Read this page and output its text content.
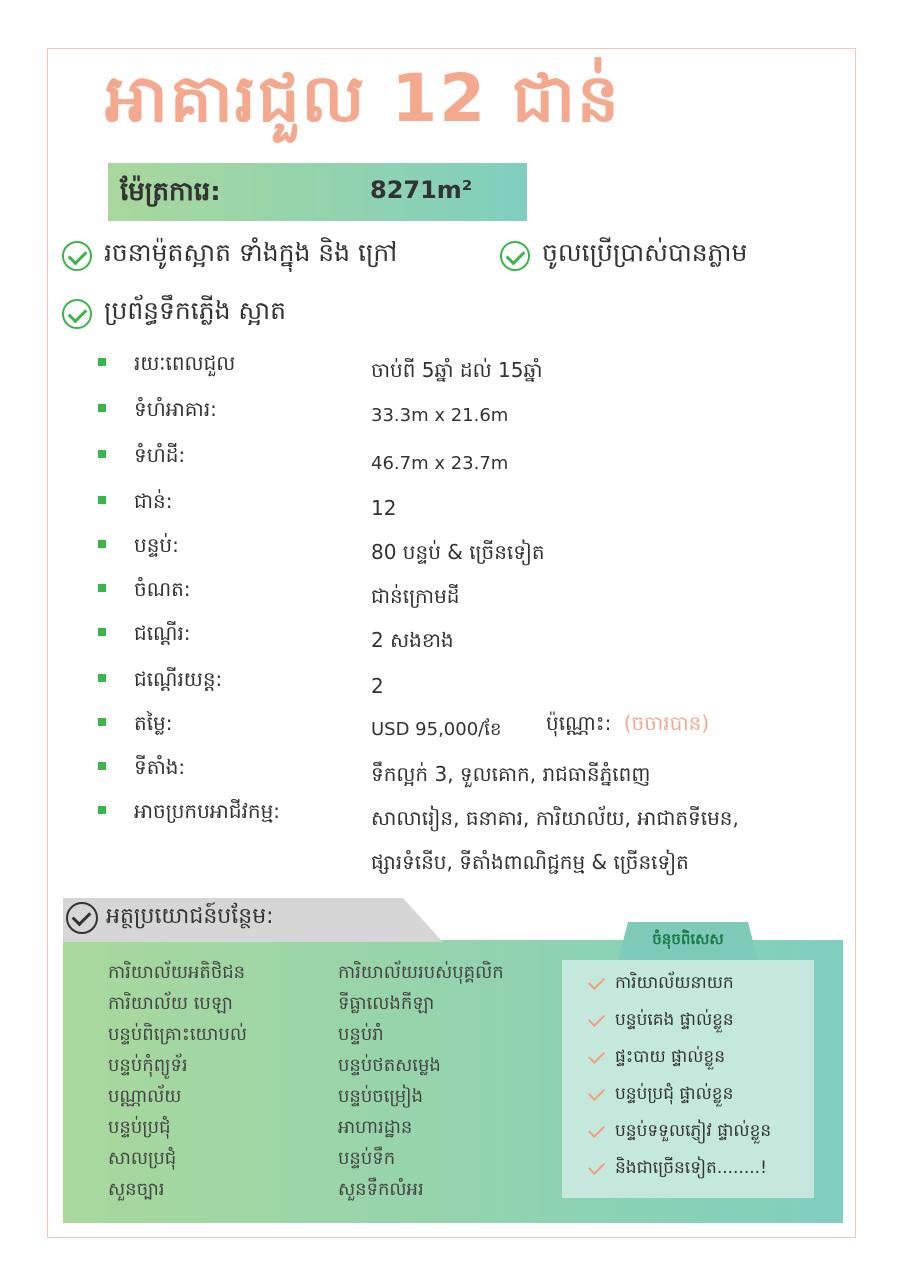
អាគារជួល 12 ជាន់
ម៉ែត្រការេ:	8271m²
រចនាម៉ូតស្អាត ទាំងក្នុង និង ក្រៅ	ចូលប្រើប្រាស់បានភ្លាម
ប្រព័ន្ធទឹកភ្លើង ស្អាត
រយៈពេលជួល	ចាប់ពី 5ឆ្នាំ ដល់ 15ឆ្នាំ
ទំហំអាគារ:	33.3m x 21.6m
ទំហំដី:	46.7m x 23.7m
ជាន់:	12
បន្ទប់:	80 បន្ទប់ & ច្រើនទៀត
ចំណត:	ជាន់ក្រោមដី
ជណ្តើរ:	2 សងខាង
ជណ្តើរយន្ត:	2
តម្លៃ:	USD 95,000/ខែ ប៉ុណ្ណោះ: (ចចារបាន)
ទីតាំង:	ទឹកល្អក់ 3, ទួលគោក, រាជធានីភ្នំពេញ
អាចប្រកបអាជីវកម្ម:	សាលារៀន, ធនាគារ, ការិយាល័យ, អាជាតទីមេន,
ផ្សារទំនើប, ទីតាំងពាណិជ្ជកម្ម & ច្រើនទៀត
អត្ថប្រយោជន៍បន្ថែម:
ការិយាល័យអតិថិជន
ការិយាល័យ បេឡា
បន្ទប់ពិគ្រោះយោបល់
បន្ទប់កុំព្យូទ័រ
បណ្ណាល័យ
បន្ទប់ប្រជុំ
សាលប្រជុំ
សួនច្បារ
ការិយាល័យរបស់បុគ្គលិក
ទីធ្លាលេងកីឡា
បន្ទប់រាំ
បន្ទប់ថតសម្លេង
បន្ទប់ចម្រៀង
អាហារដ្ឋាន
បន្ទប់ទឹក
សួនទឹកលំអរ
ចំនុចពិសេស
ការិយាល័យនាយក
បន្ទប់គេង ផ្ទាល់ខ្លួន
ផ្ទះបាយ ផ្ទាល់ខ្លួន
បន្ទប់ប្រជុំ ផ្ទាល់ខ្លួន
បន្ទប់ទទួលភ្ញៀវ ផ្ទាល់ខ្លួន
និងជាច្រើនទៀត........!
